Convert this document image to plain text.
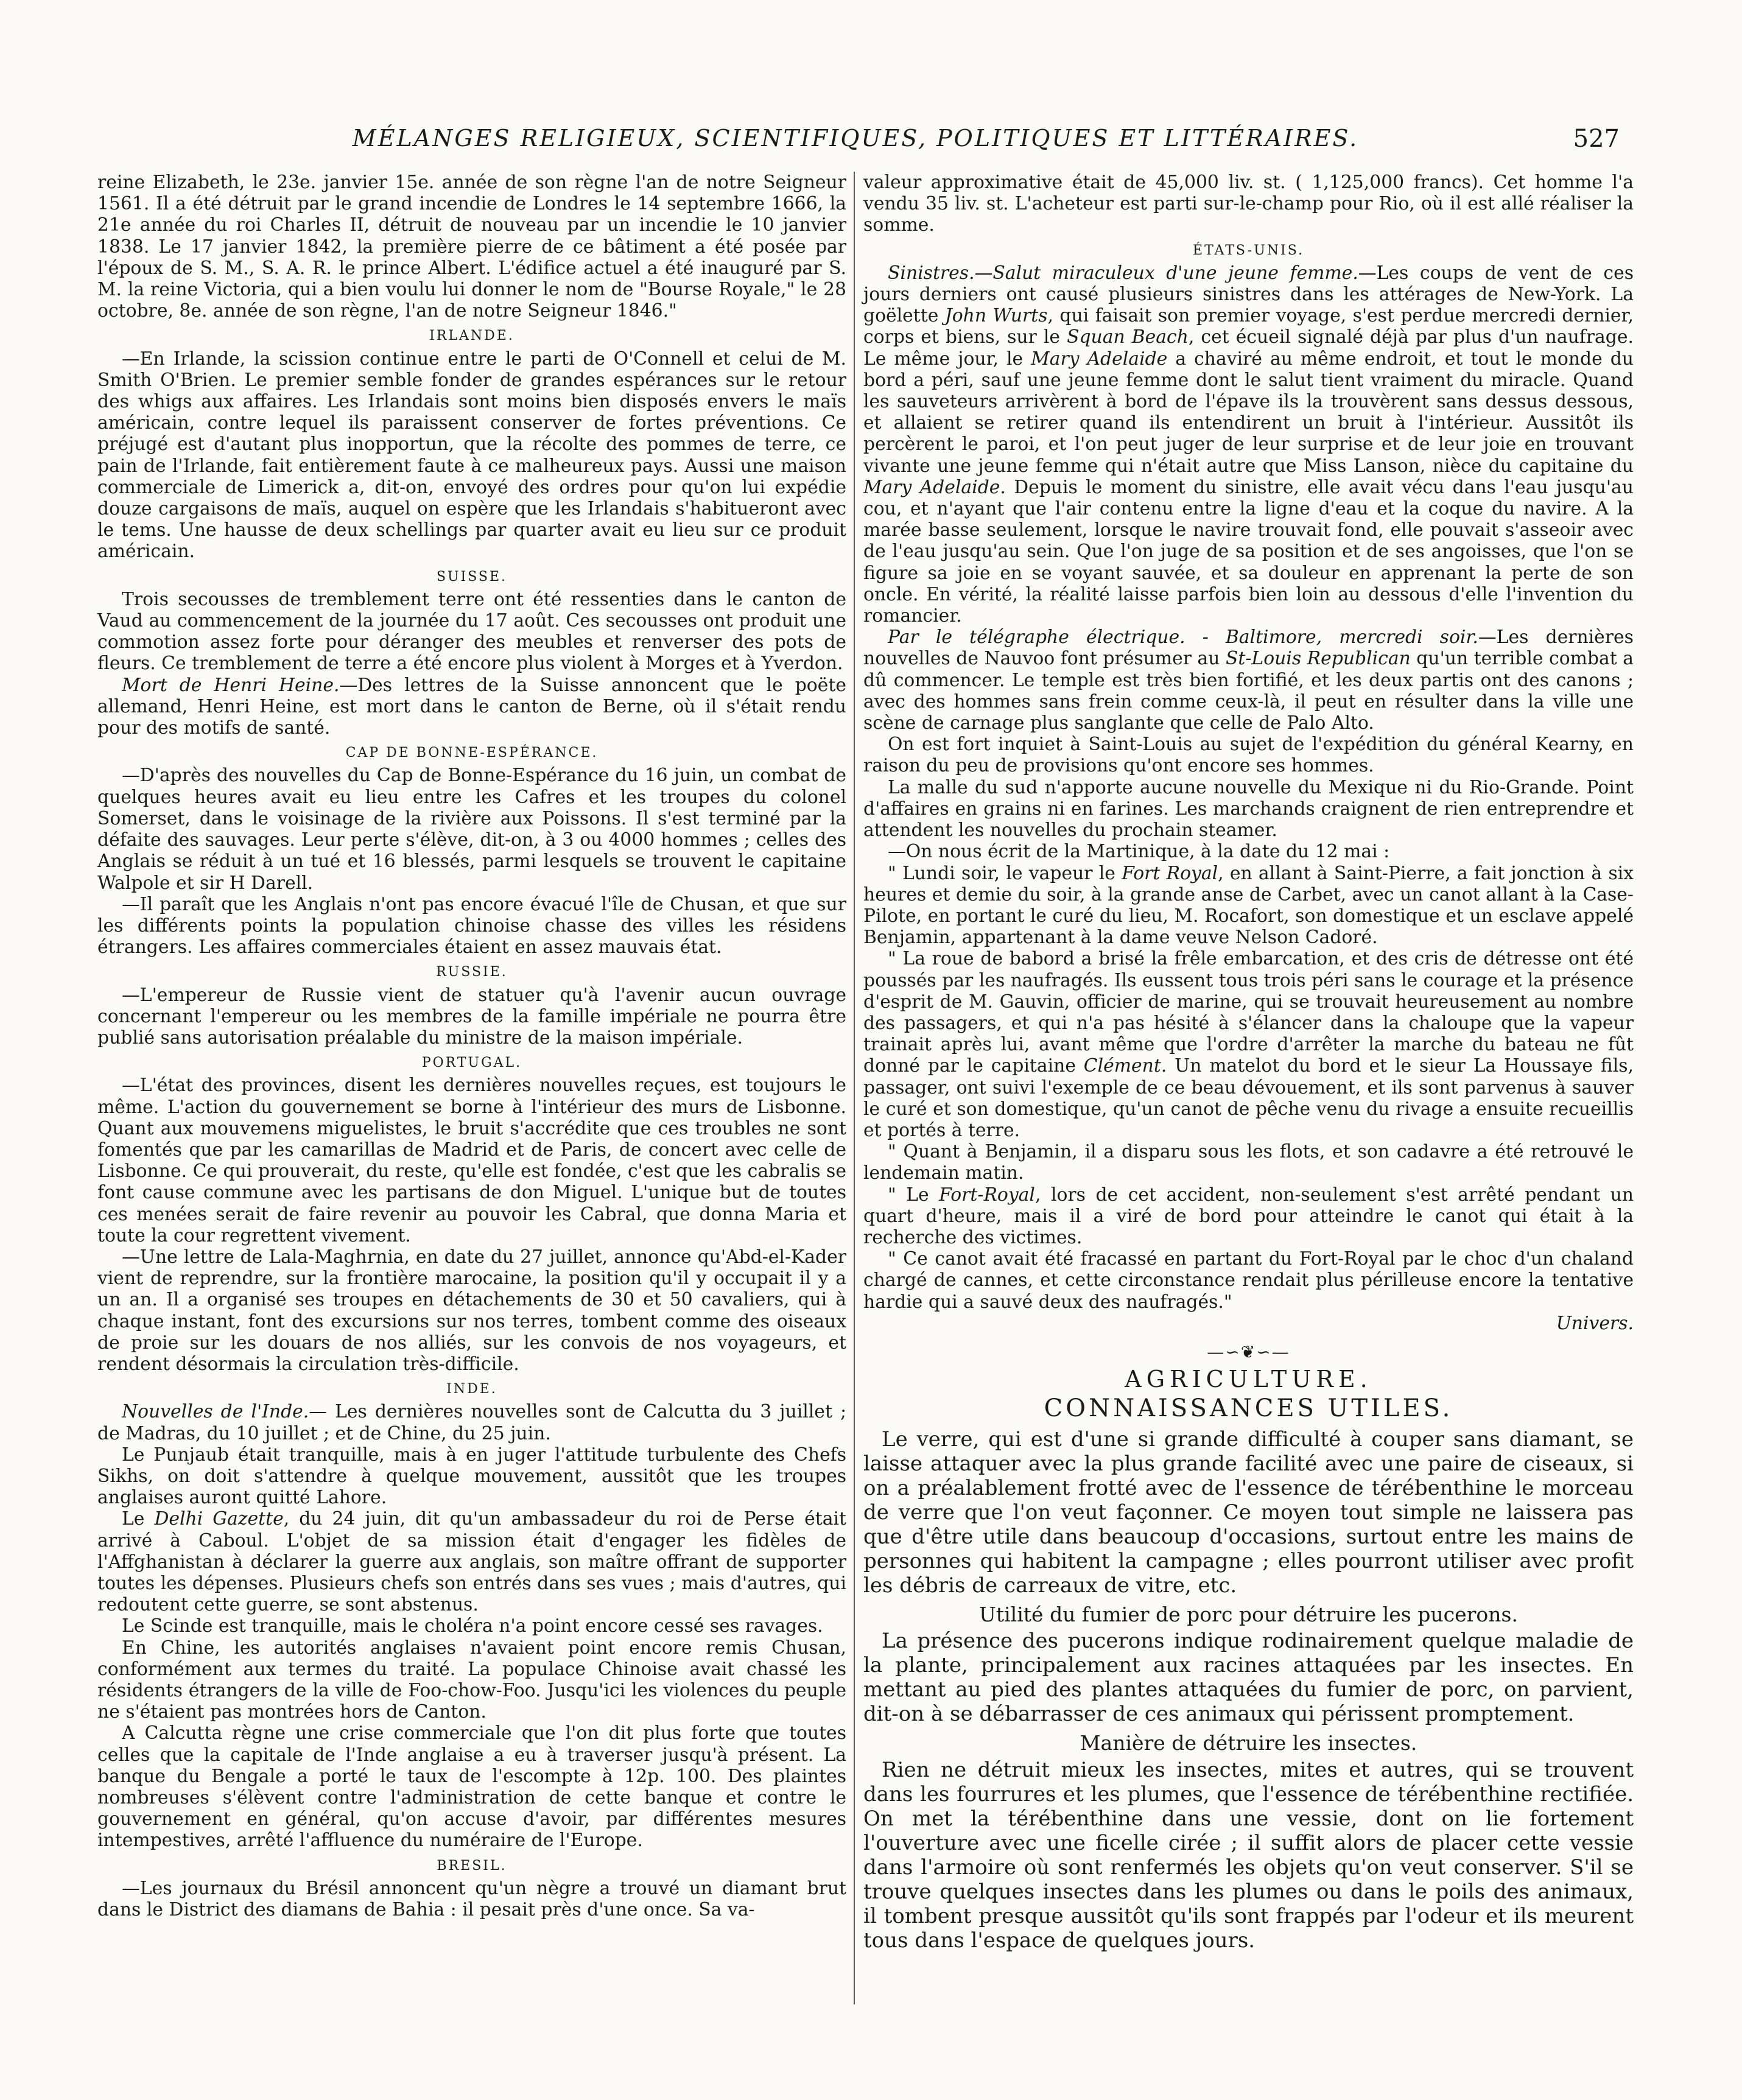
MÉLANGES RELIGIEUX, SCIENTIFIQUES, POLITIQUES ET LITTÉRAIRES.	527

reine Elizabeth, le 23e. janvier 15e. année de son règne l'an de notre Seigneur 1561. Il a été détruit par le grand incendie de Londres le 14 septembre 1666, la 21e année du roi Charles II, détruit de nouveau par un incendie le 10 janvier 1838. Le 17 janvier 1842, la première pierre de ce bâtiment a été posée par l'époux de S. M., S. A. R. le prince Albert. L'édifice actuel a été inauguré par S. M. la reine Victoria, qui a bien voulu lui donner le nom de "Bourse Royale," le 28 octobre, 8e. année de son règne, l'an de notre Seigneur 1846."

IRLANDE.

—En Irlande, la scission continue entre le parti de O'Connell et celui de M. Smith O'Brien. Le premier semble fonder de grandes espérances sur le retour des whigs aux affaires. Les Irlandais sont moins bien disposés envers le maïs américain, contre lequel ils paraissent conserver de fortes préventions. Ce préjugé est d'autant plus inopportun, que la récolte des pommes de terre, ce pain de l'Irlande, fait entièrement faute à ce malheureux pays. Aussi une maison commerciale de Limerick a, dit-on, envoyé des ordres pour qu'on lui expédie douze cargaisons de maïs, auquel on espère que les Irlandais s'habitueront avec le tems. Une hausse de deux schellings par quarter avait eu lieu sur ce produit américain.

SUISSE.

Trois secousses de tremblement terre ont été ressenties dans le canton de Vaud au commencement de la journée du 17 août. Ces secousses ont produit une commotion assez forte pour déranger des meubles et renverser des pots de fleurs. Ce tremblement de terre a été encore plus violent à Morges et à Yverdon.

Mort de Henri Heine.—Des lettres de la Suisse annoncent que le poëte allemand, Henri Heine, est mort dans le canton de Berne, où il s'était rendu pour des motifs de santé.

CAP DE BONNE-ESPÉRANCE.

—D'après des nouvelles du Cap de Bonne-Espérance du 16 juin, un combat de quelques heures avait eu lieu entre les Cafres et les troupes du colonel Somerset, dans le voisinage de la rivière aux Poissons. Il s'est terminé par la défaite des sauvages. Leur perte s'élève, dit-on, à 3 ou 4000 hommes ; celles des Anglais se réduit à un tué et 16 blessés, parmi lesquels se trouvent le capitaine Walpole et sir H Darell.

—Il paraît que les Anglais n'ont pas encore évacué l'île de Chusan, et que sur les différents points la population chinoise chasse des villes les résidens étrangers. Les affaires commerciales étaient en assez mauvais état.

RUSSIE.

—L'empereur de Russie vient de statuer qu'à l'avenir aucun ouvrage concernant l'empereur ou les membres de la famille impériale ne pourra être publié sans autorisation préalable du ministre de la maison impériale.

PORTUGAL.

—L'état des provinces, disent les dernières nouvelles reçues, est toujours le même. L'action du gouvernement se borne à l'intérieur des murs de Lisbonne. Quant aux mouvemens miguelistes, le bruit s'accrédite que ces troubles ne sont fomentés que par les camarillas de Madrid et de Paris, de concert avec celle de Lisbonne. Ce qui prouverait, du reste, qu'elle est fondée, c'est que les cabralis se font cause commune avec les partisans de don Miguel. L'unique but de toutes ces menées serait de faire revenir au pouvoir les Cabral, que donna Maria et toute la cour regrettent vivement.

—Une lettre de Lala-Maghrnia, en date du 27 juillet, annonce qu'Abd-el-Kader vient de reprendre, sur la frontière marocaine, la position qu'il y occupait il y a un an. Il a organisé ses troupes en détachements de 30 et 50 cavaliers, qui à chaque instant, font des excursions sur nos terres, tombent comme des oiseaux de proie sur les douars de nos alliés, sur les convois de nos voyageurs, et rendent désormais la circulation très-difficile.

INDE.

Nouvelles de l'Inde.— Les dernières nouvelles sont de Calcutta du 3 juillet ; de Madras, du 10 juillet ; et de Chine, du 25 juin.

Le Punjaub était tranquille, mais à en juger l'attitude turbulente des Chefs Sikhs, on doit s'attendre à quelque mouvement, aussitôt que les troupes anglaises auront quitté Lahore.

Le Delhi Gazette, du 24 juin, dit qu'un ambassadeur du roi de Perse était arrivé à Caboul. L'objet de sa mission était d'engager les fidèles de l'Affghanistan à déclarer la guerre aux anglais, son maître offrant de supporter toutes les dépenses. Plusieurs chefs son entrés dans ses vues ; mais d'autres, qui redoutent cette guerre, se sont abstenus.

Le Scinde est tranquille, mais le choléra n'a point encore cessé ses ravages.

En Chine, les autorités anglaises n'avaient point encore remis Chusan, conformément aux termes du traité. La populace Chinoise avait chassé les résidents étrangers de la ville de Foo-chow-Foo. Jusqu'ici les violences du peuple ne s'étaient pas montrées hors de Canton.

A Calcutta règne une crise commerciale que l'on dit plus forte que toutes celles que la capitale de l'Inde anglaise a eu à traverser jusqu'à présent. La banque du Bengale a porté le taux de l'escompte à 12p. 100. Des plaintes nombreuses s'élèvent contre l'administration de cette banque et contre le gouvernement en général, qu'on accuse d'avoir, par différentes mesures intempestives, arrêté l'affluence du numéraire de l'Europe.

BRESIL.

—Les journaux du Brésil annoncent qu'un nègre a trouvé un diamant brut dans le District des diamans de Bahia : il pesait près d'une once. Sa va-

valeur approximative était de 45,000 liv. st. ( 1,125,000 francs). Cet homme l'a vendu 35 liv. st. L'acheteur est parti sur-le-champ pour Rio, où il est allé réaliser la somme.

ÉTATS-UNIS.

Sinistres.—Salut miraculeux d'une jeune femme.—Les coups de vent de ces jours derniers ont causé plusieurs sinistres dans les attérages de New-York. La goëlette John Wurts, qui faisait son premier voyage, s'est perdue mercredi dernier, corps et biens, sur le Squan Beach, cet écueil signalé déjà par plus d'un naufrage. Le même jour, le Mary Adelaide a chaviré au même endroit, et tout le monde du bord a péri, sauf une jeune femme dont le salut tient vraiment du miracle. Quand les sauveteurs arrivèrent à bord de l'épave ils la trouvèrent sans dessus dessous, et allaient se retirer quand ils entendirent un bruit à l'intérieur. Aussitôt ils percèrent le paroi, et l'on peut juger de leur surprise et de leur joie en trouvant vivante une jeune femme qui n'était autre que Miss Lanson, nièce du capitaine du Mary Adelaide. Depuis le moment du sinistre, elle avait vécu dans l'eau jusqu'au cou, et n'ayant que l'air contenu entre la ligne d'eau et la coque du navire. A la marée basse seulement, lorsque le navire trouvait fond, elle pouvait s'asseoir avec de l'eau jusqu'au sein. Que l'on juge de sa position et de ses angoisses, que l'on se figure sa joie en se voyant sauvée, et sa douleur en apprenant la perte de son oncle. En vérité, la réalité laisse parfois bien loin au dessous d'elle l'invention du romancier.

Par le télégraphe électrique. - Baltimore, mercredi soir.—Les dernières nouvelles de Nauvoo font présumer au St-Louis Republican qu'un terrible combat a dû commencer. Le temple est très bien fortifié, et les deux partis ont des canons ; avec des hommes sans frein comme ceux-là, il peut en résulter dans la ville une scène de carnage plus sanglante que celle de Palo Alto.

On est fort inquiet à Saint-Louis au sujet de l'expédition du général Kearny, en raison du peu de provisions qu'ont encore ses hommes.

La malle du sud n'apporte aucune nouvelle du Mexique ni du Rio-Grande. Point d'affaires en grains ni en farines. Les marchands craignent de rien entreprendre et attendent les nouvelles du prochain steamer.

—On nous écrit de la Martinique, à la date du 12 mai :

" Lundi soir, le vapeur le Fort Royal, en allant à Saint-Pierre, a fait jonction à six heures et demie du soir, à la grande anse de Carbet, avec un canot allant à la Case-Pilote, en portant le curé du lieu, M. Rocafort, son domestique et un esclave appelé Benjamin, appartenant à la dame veuve Nelson Cadoré.

" La roue de babord a brisé la frêle embarcation, et des cris de détresse ont été poussés par les naufragés. Ils eussent tous trois péri sans le courage et la présence d'esprit de M. Gauvin, officier de marine, qui se trouvait heureusement au nombre des passagers, et qui n'a pas hésité à s'élancer dans la chaloupe que la vapeur trainait après lui, avant même que l'ordre d'arrêter la marche du bateau ne fût donné par le capitaine Clément. Un matelot du bord et le sieur La Houssaye fils, passager, ont suivi l'exemple de ce beau dévouement, et ils sont parvenus à sauver le curé et son domestique, qu'un canot de pêche venu du rivage a ensuite recueillis et portés à terre.

" Quant à Benjamin, il a disparu sous les flots, et son cadavre a été retrouvé le lendemain matin.

" Le Fort-Royal, lors de cet accident, non-seulement s'est arrêté pendant un quart d'heure, mais il a viré de bord pour atteindre le canot qui était à la recherche des victimes.

" Ce canot avait été fracassé en partant du Fort-Royal par le choc d'un chaland chargé de cannes, et cette circonstance rendait plus périlleuse encore la tentative hardie qui a sauvé deux des naufragés."
Univers.

—∽❦∽—
AGRICULTURE.
CONNAISSANCES UTILES.

Le verre, qui est d'une si grande difficulté à couper sans diamant, se laisse attaquer avec la plus grande facilité avec une paire de ciseaux, si on a préalablement frotté avec de l'essence de térébenthine le morceau de verre que l'on veut façonner. Ce moyen tout simple ne laissera pas que d'être utile dans beaucoup d'occasions, surtout entre les mains de personnes qui habitent la campagne ; elles pourront utiliser avec profit les débris de carreaux de vitre, etc.

Utilité du fumier de porc pour détruire les pucerons.

La présence des pucerons indique rodinairement quelque maladie de la plante, principalement aux racines attaquées par les insectes. En mettant au pied des plantes attaquées du fumier de porc, on parvient, dit-on à se débarrasser de ces animaux qui périssent promptement.

Manière de détruire les insectes.

Rien ne détruit mieux les insectes, mites et autres, qui se trouvent dans les fourrures et les plumes, que l'essence de térébenthine rectifiée. On met la térébenthine dans une vessie, dont on lie fortement l'ouverture avec une ficelle cirée ; il suffit alors de placer cette vessie dans l'armoire où sont renfermés les objets qu'on veut conserver. S'il se trouve quelques insectes dans les plumes ou dans le poils des animaux, il tombent presque aussitôt qu'ils sont frappés par l'odeur et ils meurent tous dans l'espace de quelques jours.
